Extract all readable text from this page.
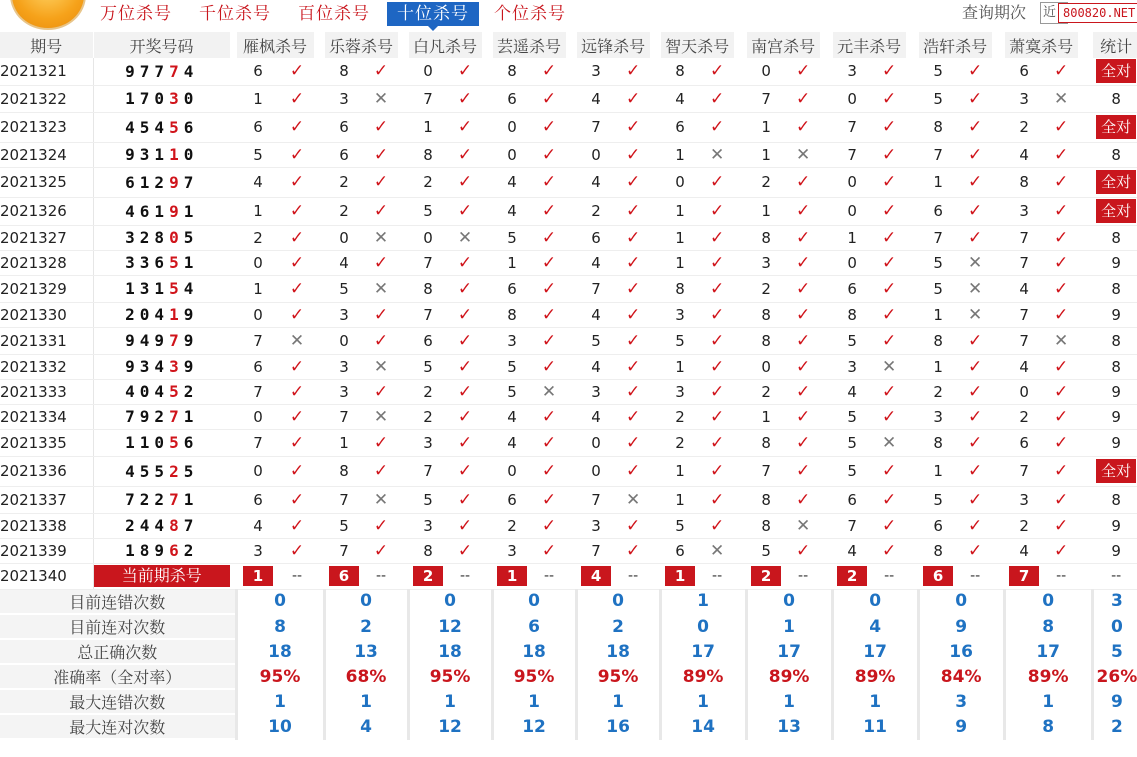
万位杀号 千位杀号 百位杀号	十位杀号	个位杀号	查询期次 近 800820.NET
期号	开奖号码		雁枫杀号			乐蓉杀号			白凡杀号			芸遥杀号			远锋杀号			智天杀号			南宫杀号			元丰杀号			浩轩杀号			萧寞杀号			统计
2021321	97774		6	✓		8	✓		0	✓		8	✓		3	✓		8	✓		0	✓		3	✓		5	✓		6	✓		全对
2021322	17030		1	✓		3	✕		7	✓		6	✓		4	✓		4	✓		7	✓		0	✓		5	✓		3	✕		8
2021323	45456		6	✓		6	✓		1	✓		0	✓		7	✓		6	✓		1	✓		7	✓		8	✓		2	✓		全对
2021324	93110		5	✓		6	✓		8	✓		0	✓		0	✓		1	✕		1	✕		7	✓		7	✓		4	✓		8
2021325	61297		4	✓		2	✓		2	✓		4	✓		4	✓		0	✓		2	✓		0	✓		1	✓		8	✓		全对
2021326	46191		1	✓		2	✓		5	✓		4	✓		2	✓		1	✓		1	✓		0	✓		6	✓		3	✓		全对
2021327	32805		2	✓		0	✕		0	✕		5	✓		6	✓		1	✓		8	✓		1	✓		7	✓		7	✓		8
2021328	33651		0	✓		4	✓		7	✓		1	✓		4	✓		1	✓		3	✓		0	✓		5	✕		7	✓		9
2021329	13154		1	✓		5	✕		8	✓		6	✓		7	✓		8	✓		2	✓		6	✓		5	✕		4	✓		8
2021330	20419		0	✓		3	✓		7	✓		8	✓		4	✓		3	✓		8	✓		8	✓		1	✕		7	✓		9
2021331	94979		7	✕		0	✓		6	✓		3	✓		5	✓		5	✓		8	✓		5	✓		8	✓		7	✕		8
2021332	93439		6	✓		3	✕		5	✓		5	✓		4	✓		1	✓		0	✓		3	✕		1	✓		4	✓		8
2021333	40452		7	✓		3	✓		2	✓		5	✕		3	✓		3	✓		2	✓		4	✓		2	✓		0	✓		9
2021334	79271		0	✓		7	✕		2	✓		4	✓		4	✓		2	✓		1	✓		5	✓		3	✓		2	✓		9
2021335	11056		7	✓		1	✓		3	✓		4	✓		0	✓		2	✓		8	✓		5	✕		8	✓		6	✓		9
2021336	45525		0	✓		8	✓		7	✓		0	✓		0	✓		1	✓		7	✓		5	✓		1	✓		7	✓		全对
2021337	72271		6	✓		7	✕		5	✓		6	✓		7	✕		1	✓		8	✓		6	✓		5	✓		3	✓		8
2021338	24487		4	✓		5	✓		3	✓		2	✓		3	✓		5	✓		8	✕		7	✓		6	✓		2	✓		9
2021339	18962		3	✓		7	✓		8	✓		3	✓		7	✓		6	✕		5	✓		4	✓		8	✓		4	✓		9
2021340	当前期杀号		1	--		6	--		2	--		1	--		4	--		1	--		2	--		2	--		6	--		7	--		--
目前连错次数			0			0			0			0			0			1			0			0			0			0			3
目前连对次数			8			2			12			6			2			0			1			4			9			8			0
总正确次数			18			13			18			18			18			17			17			17			16			17			5
准确率（全对率）			95%			68%			95%			95%			95%			89%			89%			89%			84%			89%			26%
最大连错次数			1			1			1			1			1			1			1			1			3			1			9
最大连对次数			10			4			12			12			16			14			13			11			9			8			2
